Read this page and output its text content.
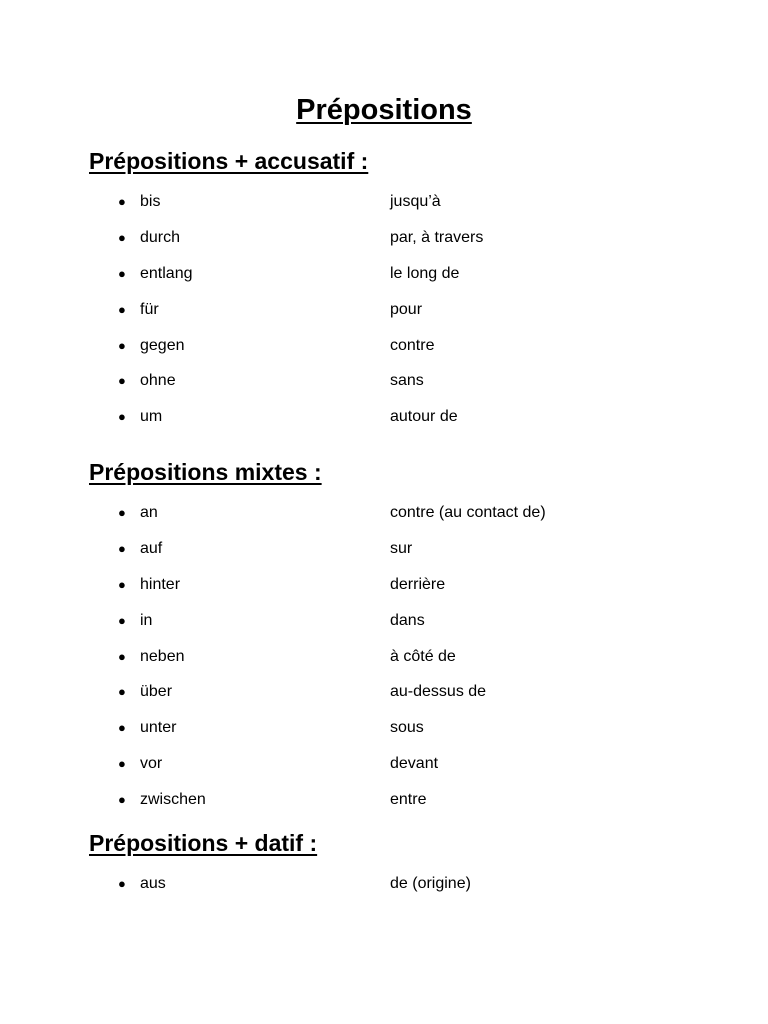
Prépositions
Prépositions + accusatif :
● bis	jusqu’à
● durch	par, à travers
● entlang	le long de
● für	pour
● gegen	contre
● ohne	sans
● um	autour de
Prépositions mixtes :
● an	contre (au contact de)
● auf	sur
● hinter	derrière
● in	dans
● neben	à côté de
● über	au-dessus de
● unter	sous
● vor	devant
● zwischen	entre
Prépositions + datif :
● aus	de (origine)
